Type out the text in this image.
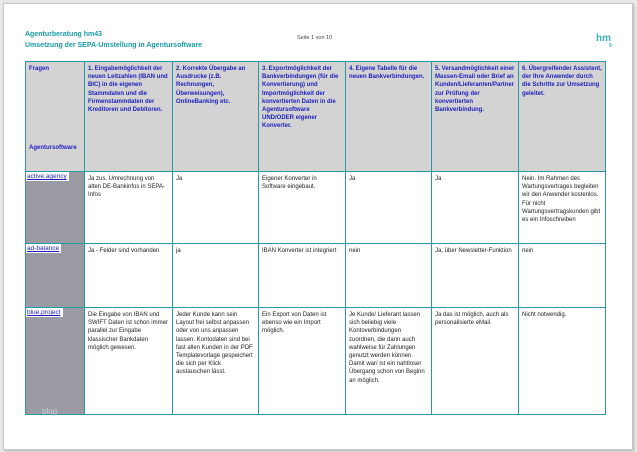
Agenturberatung hm43
Umsetzung der SEPA-Umstellung in Agentursoftware
Seite 1 von 10	hm
9
Fragen
Agentursoftware	1. Eingabemöglichkeit der neuen Leitzahlen (IBAN und BIC) in die eigenen Stammdaten und die Firmenstammdaten der Kreditoren und Debitoren.	2. Korrekte Übergabe an Ausdrucke (z.B. Rechnungen, Überweisungen), OnlineBanking etc.	3. Exportmöglichkeit der Bankverbindungen (für die Konvertierung) und Importmöglichkeit der konvertierten Daten in die Agentursoftware UND/ODER eigener Konverter.	4. Eigene Tabelle für die neuen Bankverbindungen.	5. Versandmöglichkeit einer Massen-Email oder Brief an Kunden/Lieferanten/Partner zur Prüfung der konvertierten Bankverbindung.	6. Übergreifender Assistent, der Ihre Anwender durch die Schritte zur Umsetzung geleitet.
active.agency	Ja zus. Umrechnung von alten DE-Bankinfos in SEPA-Infos	Ja	Eigener Konverter in Software eingebaut.	Ja	Ja	Nein. Im Rahmen des Wartungsvertrages begleiten wir den Anwender kostenlos. Für nicht Wartungsvertragskunden gibt es ein Infoschreiben
ad-balance	Ja - Felder sind vorhanden	ja	IBAN Konverter ist integriert	nein	Ja, über Newsletter-Funktion	nein
blue.project	Die Eingabe von IBAN und SWIFT Daten ist schon immer parallel zur Eingabe klassischer Bankdaten möglich gewesen.	Jeder Kunde kann sein Layout frei selbst anpassen oder von uns anpassen lassen. Kontodaten sind bei fast allen Kunden in der PDF Templatevorlage gespeichert die sich per Klick austauschen lässt.	Ein Export von Daten ist ebenso wie ein Import möglich.	Je Kunde/ Lieferant lassen sich beliebig viele Kontoverbindungen zuordnen, die dann auch wahlweise für Zahlungen genutzt werden können. Damit war/ ist ein nahtloser Übergang schon von Beginn an möglich.	Ja das ist möglich, auch als personalisierte eMail.	Nicht notwendig.
blog
